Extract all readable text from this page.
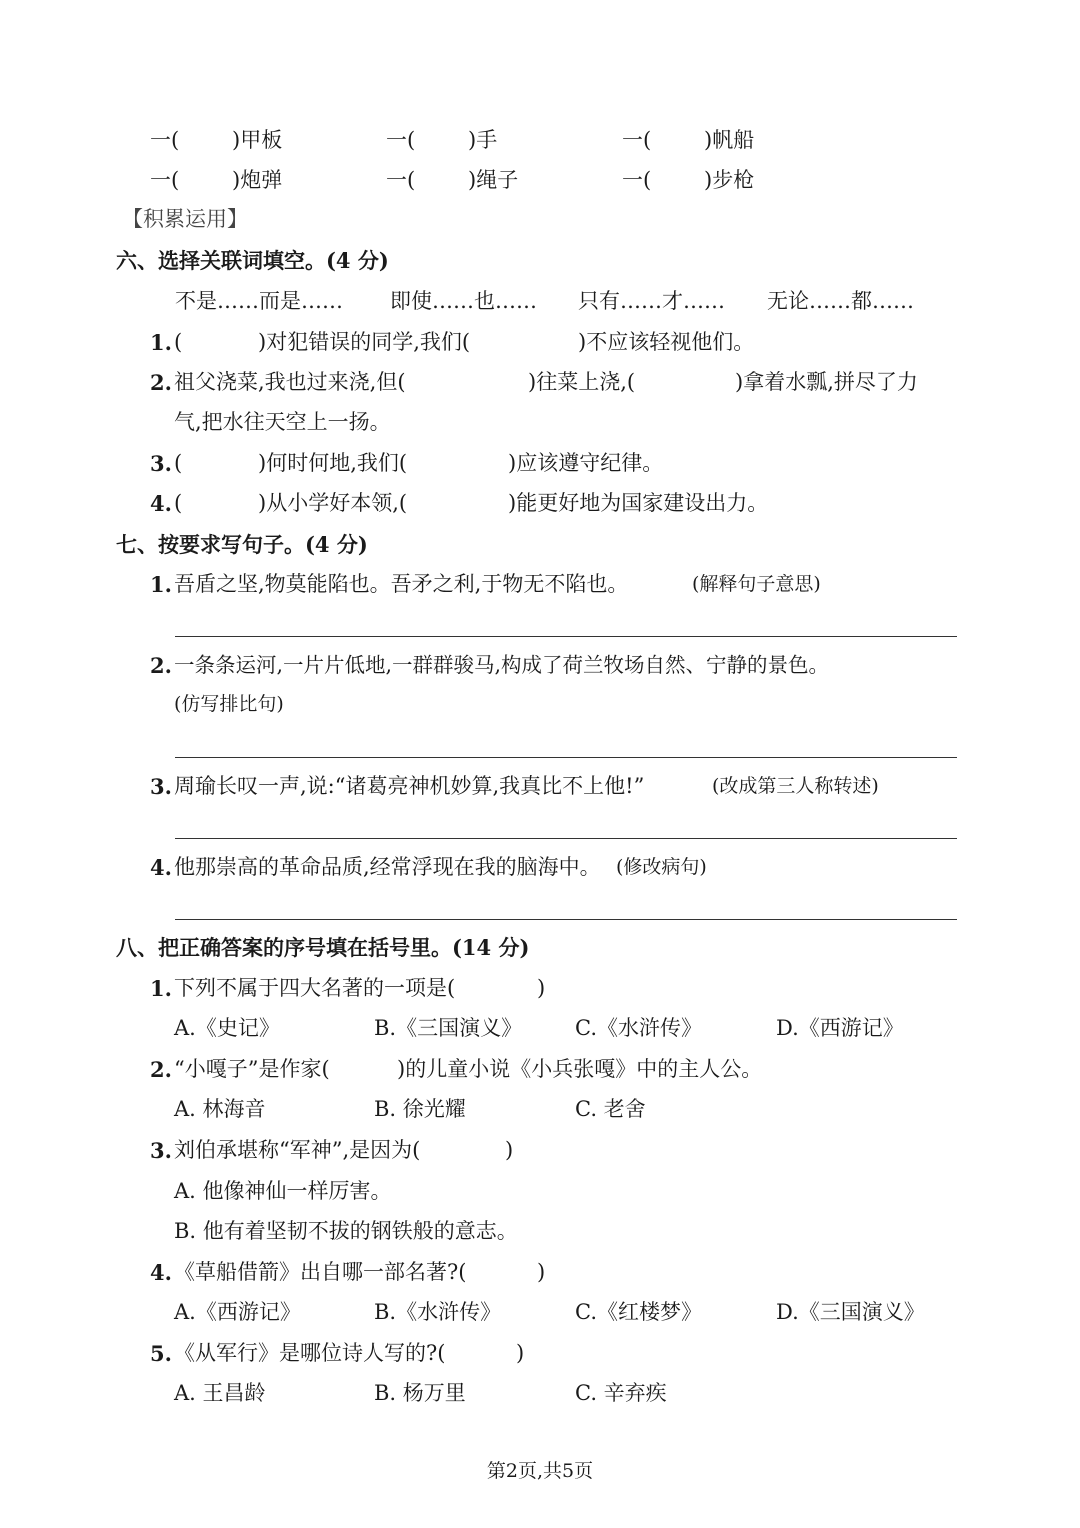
一(	)甲板	一(	)手	一(	)帆船
一(	)炮弹	一(	)绳子	一(	)步枪
【积累运用】
六、选择关联词填空。(4 分)
不是……而是…… 即使……也…… 只有……才…… 无论……都……
1. (	)对犯错误的同学,我们(	)不应该轻视他们。
2. 祖父浇菜,我也过来浇,但(	)往菜上浇,(	)拿着水瓢,拼尽了力
气,把水往天空上一扬。
3. (	)何时何地,我们(	)应该遵守纪律。
4. (	)从小学好本领,(	)能更好地为国家建设出力。
七、按要求写句子。(4 分)
1. 吾盾之坚,物莫能陷也。吾矛之利,于物无不陷也。	(解释句子意思)
2. 一条条运河,一片片低地,一群群骏马,构成了荷兰牧场自然、宁静的景色。
(仿写排比句)
3. 周瑜长叹一声,说:“诸葛亮神机妙算,我真比不上他!”	(改成第三人称转述)
4. 他那崇高的革命品质,经常浮现在我的脑海中。 (修改病句)
八、把正确答案的序号填在括号里。(14 分)
1. 下列不属于四大名著的一项是(	)
A.《史记》	B.《三国演义》	C.《水浒传》	D.《西游记》
2. “小嘎子”是作家(	)的儿童小说《小兵张嘎》中的主人公。
A. 林海音	B. 徐光耀	C. 老舍
3. 刘伯承堪称“军神”,是因为(	)
A. 他像神仙一样厉害。
B. 他有着坚韧不拔的钢铁般的意志。
4. 《草船借箭》出自哪一部名著?(	)
A.《西游记》	B.《水浒传》	C.《红楼梦》	D.《三国演义》
5. 《从军行》是哪位诗人写的?(	)
A. 王昌龄	B. 杨万里	C. 辛弃疾
第2页,共5页
